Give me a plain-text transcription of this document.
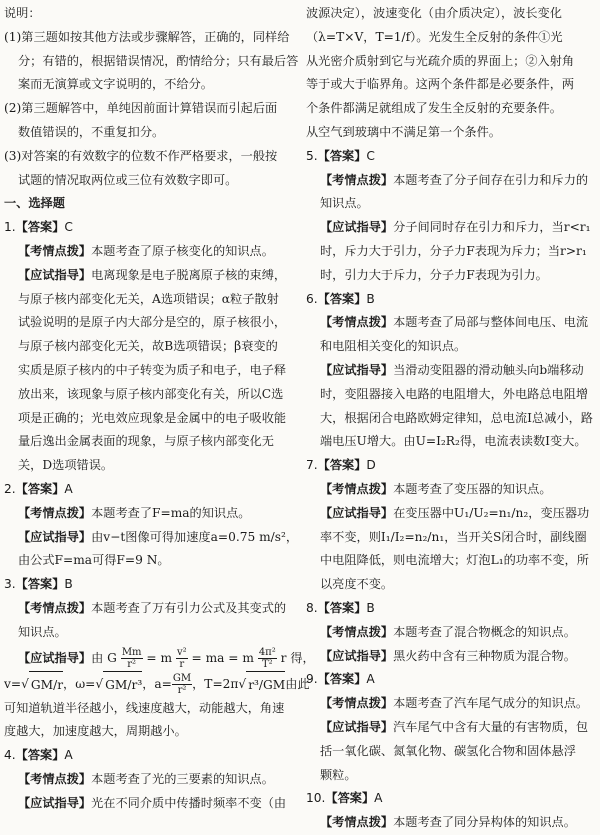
说明：
(1)第三题如按其他方法或步骤解答，正确的，同样给
分；有错的，根据错误情况，酌情给分；只有最后答
案而无演算或文字说明的，不给分。
(2)第三题解答中，单纯因前面计算错误而引起后面
数值错误的，不重复扣分。
(3)对答案的有效数字的位数不作严格要求，一般按
试题的情况取两位或三位有效数字即可。
一、选择题
1.【答案】C
【考情点拨】本题考查了原子核变化的知识点。
【应试指导】电离现象是电子脱离原子核的束缚，
与原子核内部变化无关，A选项错误；α粒子散射
试验说明的是原子内大部分是空的，原子核很小，
与原子核内部变化无关，故B选项错误；β衰变的
实质是原子核内的中子转变为质子和电子，电子释
放出来，该现象与原子核内部变化有关，所以C选
项是正确的；光电效应现象是金属中的电子吸收能
量后逸出金属表面的现象，与原子核内部变化无
关，D选项错误。
2.【答案】A
【考情点拨】本题考查了F=ma的知识点。
【应试指导】由v−t图像可得加速度a=0.75 m/s²，
由公式F=ma可得F=9 N。
3.【答案】B
【考情点拨】本题考查了万有引力公式及其变式的
知识点。
【应试指导】由 G $\frac{Mm}{\text{r²}} = m \frac{\text{v²}}{r}$ = ma = m $\frac{\text{4π²}}{\text{T²}}$ r 得，
v=√ GM/r，ω=√ GM/r³，$a= \frac{GM}{\text{r²}}$ ，T=2π√ r³/GM由此
可知道轨道半径越小，线速度越大，动能越大，角速
度越大，加速度越大，周期越小。
4.【答案】A
【考情点拨】本题考查了光的三要素的知识点。
【应试指导】光在不同介质中传播时频率不变（由
波源决定），波速变化（由介质决定），波长变化
（λ=T×V，T=1/f）。光发生全反射的条件①光
从光密介质射到它与光疏介质的界面上；②入射角
等于或大于临界角。这两个条件都是必要条件，两
个条件都满足就组成了发生全反射的充要条件。
从空气到玻璃中不满足第一个条件。
5.【答案】C
【考情点拨】本题考查了分子间存在引力和斥力的
知识点。
【应试指导】分子间同时存在引力和斥力，当r<r₁
时，斥力大于引力，分子力F表现为斥力；当r>r₁
时，引力大于斥力，分子力F表现为引力。
6.【答案】B
【考情点拨】本题考查了局部与整体间电压、电流
和电阻相关变化的知识点。
【应试指导】当滑动变阻器的滑动触头向b端移动
时，变阻器接入电路的电阻增大，外电路总电阻增
大，根据闭合电路欧姆定律知，总电流I总减小，路
端电压U增大。由U=I₂R₂得，电流表读数I变大。
7.【答案】D
【考情点拨】本题考查了变压器的知识点。
【应试指导】在变压器中U₁/U₂=n₁/n₂，变压器功
率不变，则I₁/I₂=n₂/n₁，当开关S闭合时，副线圈
中电阻降低，则电流增大；灯泡L₁的功率不变，所
以亮度不变。
8.【答案】B
【考情点拨】本题考查了混合物概念的知识点。
【应试指导】黑火药中含有三种物质为混合物。
9.【答案】A
【考情点拨】本题考查了汽车尾气成分的知识点。
【应试指导】汽车尾气中含有大量的有害物质，包
括一氧化碳、氮氧化物、碳氢化合物和固体悬浮
颗粒。
10.【答案】A
【考情点拨】本题考查了同分异构体的知识点。
